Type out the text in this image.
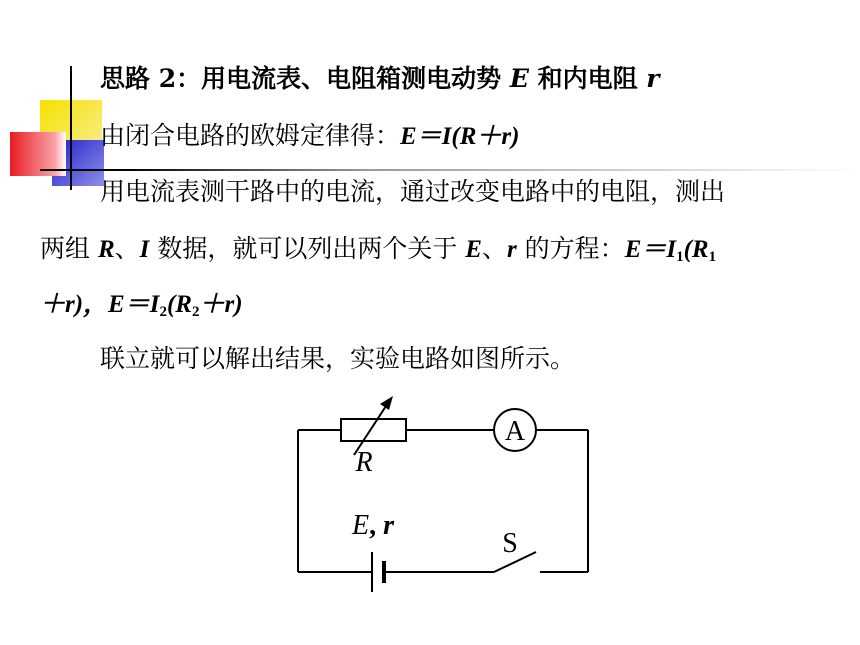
思路 2：用电流表、电阻箱测电动势 E 和内电阻 r
由闭合电路的欧姆定律得：E＝I(R＋r)
用电流表测干路中的电流，通过改变电路中的电阻，测出
两组 R、I 数据，就可以列出两个关于 E、r 的方程：$E=I_1(R_1$
＋r)，$E=I_2(R_2+r)$
联立就可以解出结果，实验电路如图所示。
A
R
E, r
S
